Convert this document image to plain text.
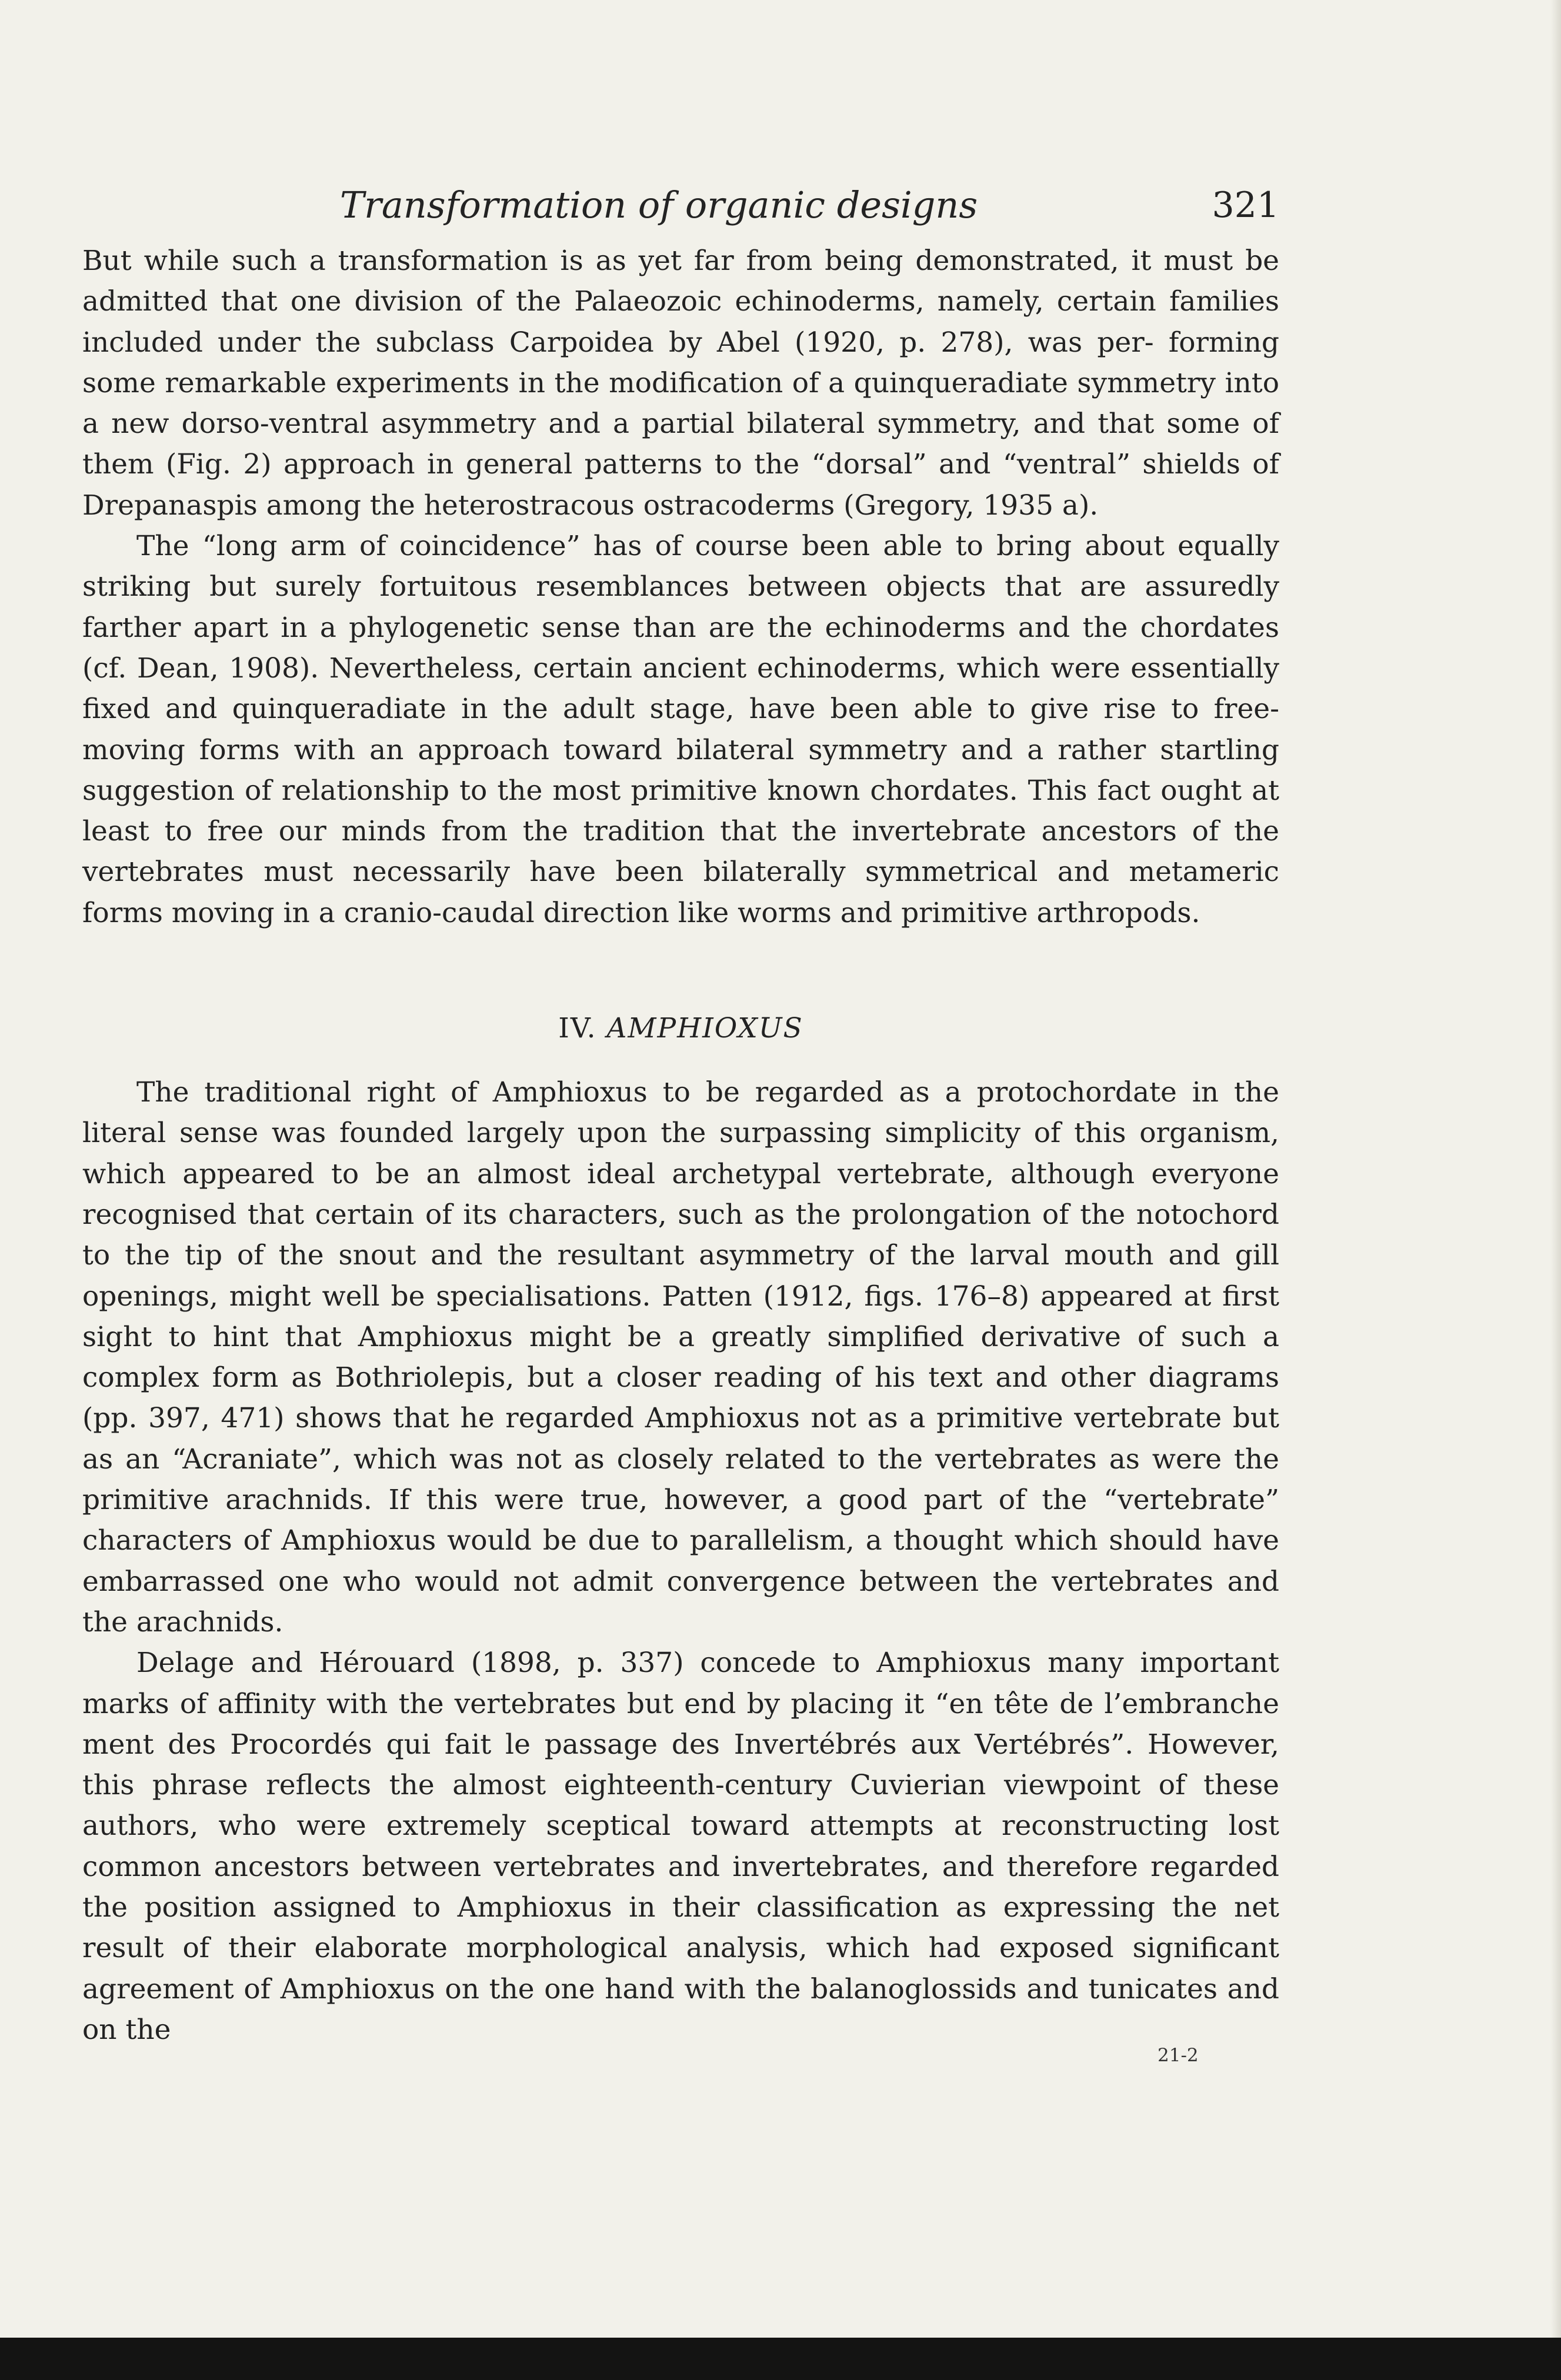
Transformation of organic designs	321

But while such a transformation is as yet far from being demonstrated, it must be admitted that one division of the Palaeozoic echinoderms, namely, certain families included under the subclass Carpoidea by Abel (1920, p. 278), was per- forming some remarkable experiments in the modification of a quinqueradiate symmetry into a new dorso-ventral asymmetry and a partial bilateral symmetry, and that some of them (Fig. 2) approach in general patterns to the “dorsal” and “ventral” shields of Drepanaspis among the heterostracous ostracoderms (Gregory, 1935 a).

The “long arm of coincidence” has of course been able to bring about equally striking but surely fortuitous resemblances between objects that are assuredly farther apart in a phylogenetic sense than are the echinoderms and the chordates (cf. Dean, 1908). Nevertheless, certain ancient echinoderms, which were essentially fixed and quinqueradiate in the adult stage, have been able to give rise to free- moving forms with an approach toward bilateral symmetry and a rather startling suggestion of relationship to the most primitive known chordates. This fact ought at least to free our minds from the tradition that the invertebrate ancestors of the vertebrates must necessarily have been bilaterally symmetrical and metameric forms moving in a cranio-caudal direction like worms and primitive arthropods.

IV. AMPHIOXUS

The traditional right of Amphioxus to be regarded as a protochordate in the literal sense was founded largely upon the surpassing simplicity of this organism, which appeared to be an almost ideal archetypal vertebrate, although everyone recognised that certain of its characters, such as the prolongation of the notochord to the tip of the snout and the resultant asymmetry of the larval mouth and gill openings, might well be specialisations. Patten (1912, figs. 176–8) appeared at first sight to hint that Amphioxus might be a greatly simplified derivative of such a complex form as Bothriolepis, but a closer reading of his text and other diagrams (pp. 397, 471) shows that he regarded Amphioxus not as a primitive vertebrate but as an “Acraniate”, which was not as closely related to the vertebrates as were the primitive arachnids. If this were true, however, a good part of the “vertebrate” characters of Amphioxus would be due to parallelism, a thought which should have embarrassed one who would not admit convergence between the vertebrates and the arachnids.

Delage and Hérouard (1898, p. 337) concede to Amphioxus many important marks of affinity with the vertebrates but end by placing it “en tête de l’embranche ment des Procordés qui fait le passage des Invertébrés aux Vertébrés”. However, this phrase reflects the almost eighteenth-century Cuvierian viewpoint of these authors, who were extremely sceptical toward attempts at reconstructing lost common ancestors between vertebrates and invertebrates, and therefore regarded the position assigned to Amphioxus in their classification as expressing the net result of their elaborate morphological analysis, which had exposed significant agreement of Amphioxus on the one hand with the balanoglossids and tunicates and on the

21-2
